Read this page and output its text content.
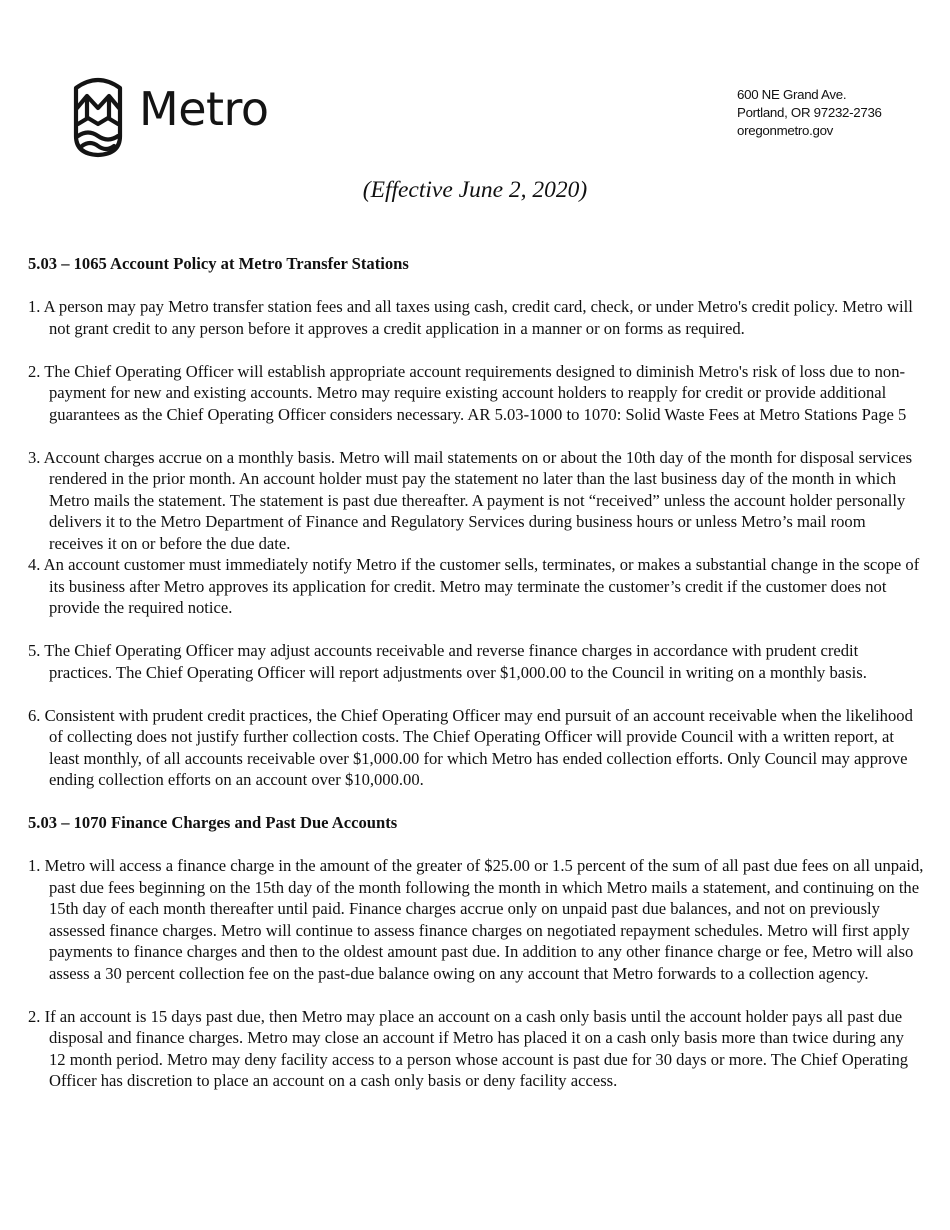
Metro	600 NE Grand Ave.
Portland, OR 97232-2736
oregonmetro.gov
(Effective June 2, 2020)

5.03 – 1065 Account Policy at Metro Transfer Stations

1. A person may pay Metro transfer station fees and all taxes using cash, credit card, check, or under Metro's credit policy. Metro will not grant credit to any person before it approves a credit application in a manner or on forms as required.

2. The Chief Operating Officer will establish appropriate account requirements designed to diminish Metro's risk of loss due to non-payment for new and existing accounts. Metro may require existing account holders to reapply for credit or provide additional guarantees as the Chief Operating Officer considers necessary. AR 5.03-1000 to 1070: Solid Waste Fees at Metro Stations Page 5

3. Account charges accrue on a monthly basis. Metro will mail statements on or about the 10th day of the month for disposal services rendered in the prior month. An account holder must pay the statement no later than the last business day of the month in which Metro mails the statement. The statement is past due thereafter. A payment is not “received” unless the account holder personally delivers it to the Metro Department of Finance and Regulatory Services during business hours or unless Metro’s mail room receives it on or before the due date.

4. An account customer must immediately notify Metro if the customer sells, terminates, or makes a substantial change in the scope of its business after Metro approves its application for credit. Metro may terminate the customer’s credit if the customer does not provide the required notice.

5. The Chief Operating Officer may adjust accounts receivable and reverse finance charges in accordance with prudent credit practices. The Chief Operating Officer will report adjustments over $1,000.00 to the Council in writing on a monthly basis.

6. Consistent with prudent credit practices, the Chief Operating Officer may end pursuit of an account receivable when the likelihood of collecting does not justify further collection costs. The Chief Operating Officer will provide Council with a written report, at least monthly, of all accounts receivable over $1,000.00 for which Metro has ended collection efforts. Only Council may approve ending collection efforts on an account over $10,000.00.

5.03 – 1070 Finance Charges and Past Due Accounts

1. Metro will access a finance charge in the amount of the greater of $25.00 or 1.5 percent of the sum of all past due fees on all unpaid, past due fees beginning on the 15th day of the month following the month in which Metro mails a statement, and continuing on the 15th day of each month thereafter until paid. Finance charges accrue only on unpaid past due balances, and not on previously assessed finance charges. Metro will continue to assess finance charges on negotiated repayment schedules. Metro will first apply payments to finance charges and then to the oldest amount past due. In addition to any other finance charge or fee, Metro will also assess a 30 percent collection fee on the past-due balance owing on any account that Metro forwards to a collection agency.

2. If an account is 15 days past due, then Metro may place an account on a cash only basis until the account holder pays all past due disposal and finance charges. Metro may close an account if Metro has placed it on a cash only basis more than twice during any 12 month period. Metro may deny facility access to a person whose account is past due for 30 days or more. The Chief Operating Officer has discretion to place an account on a cash only basis or deny facility access.
